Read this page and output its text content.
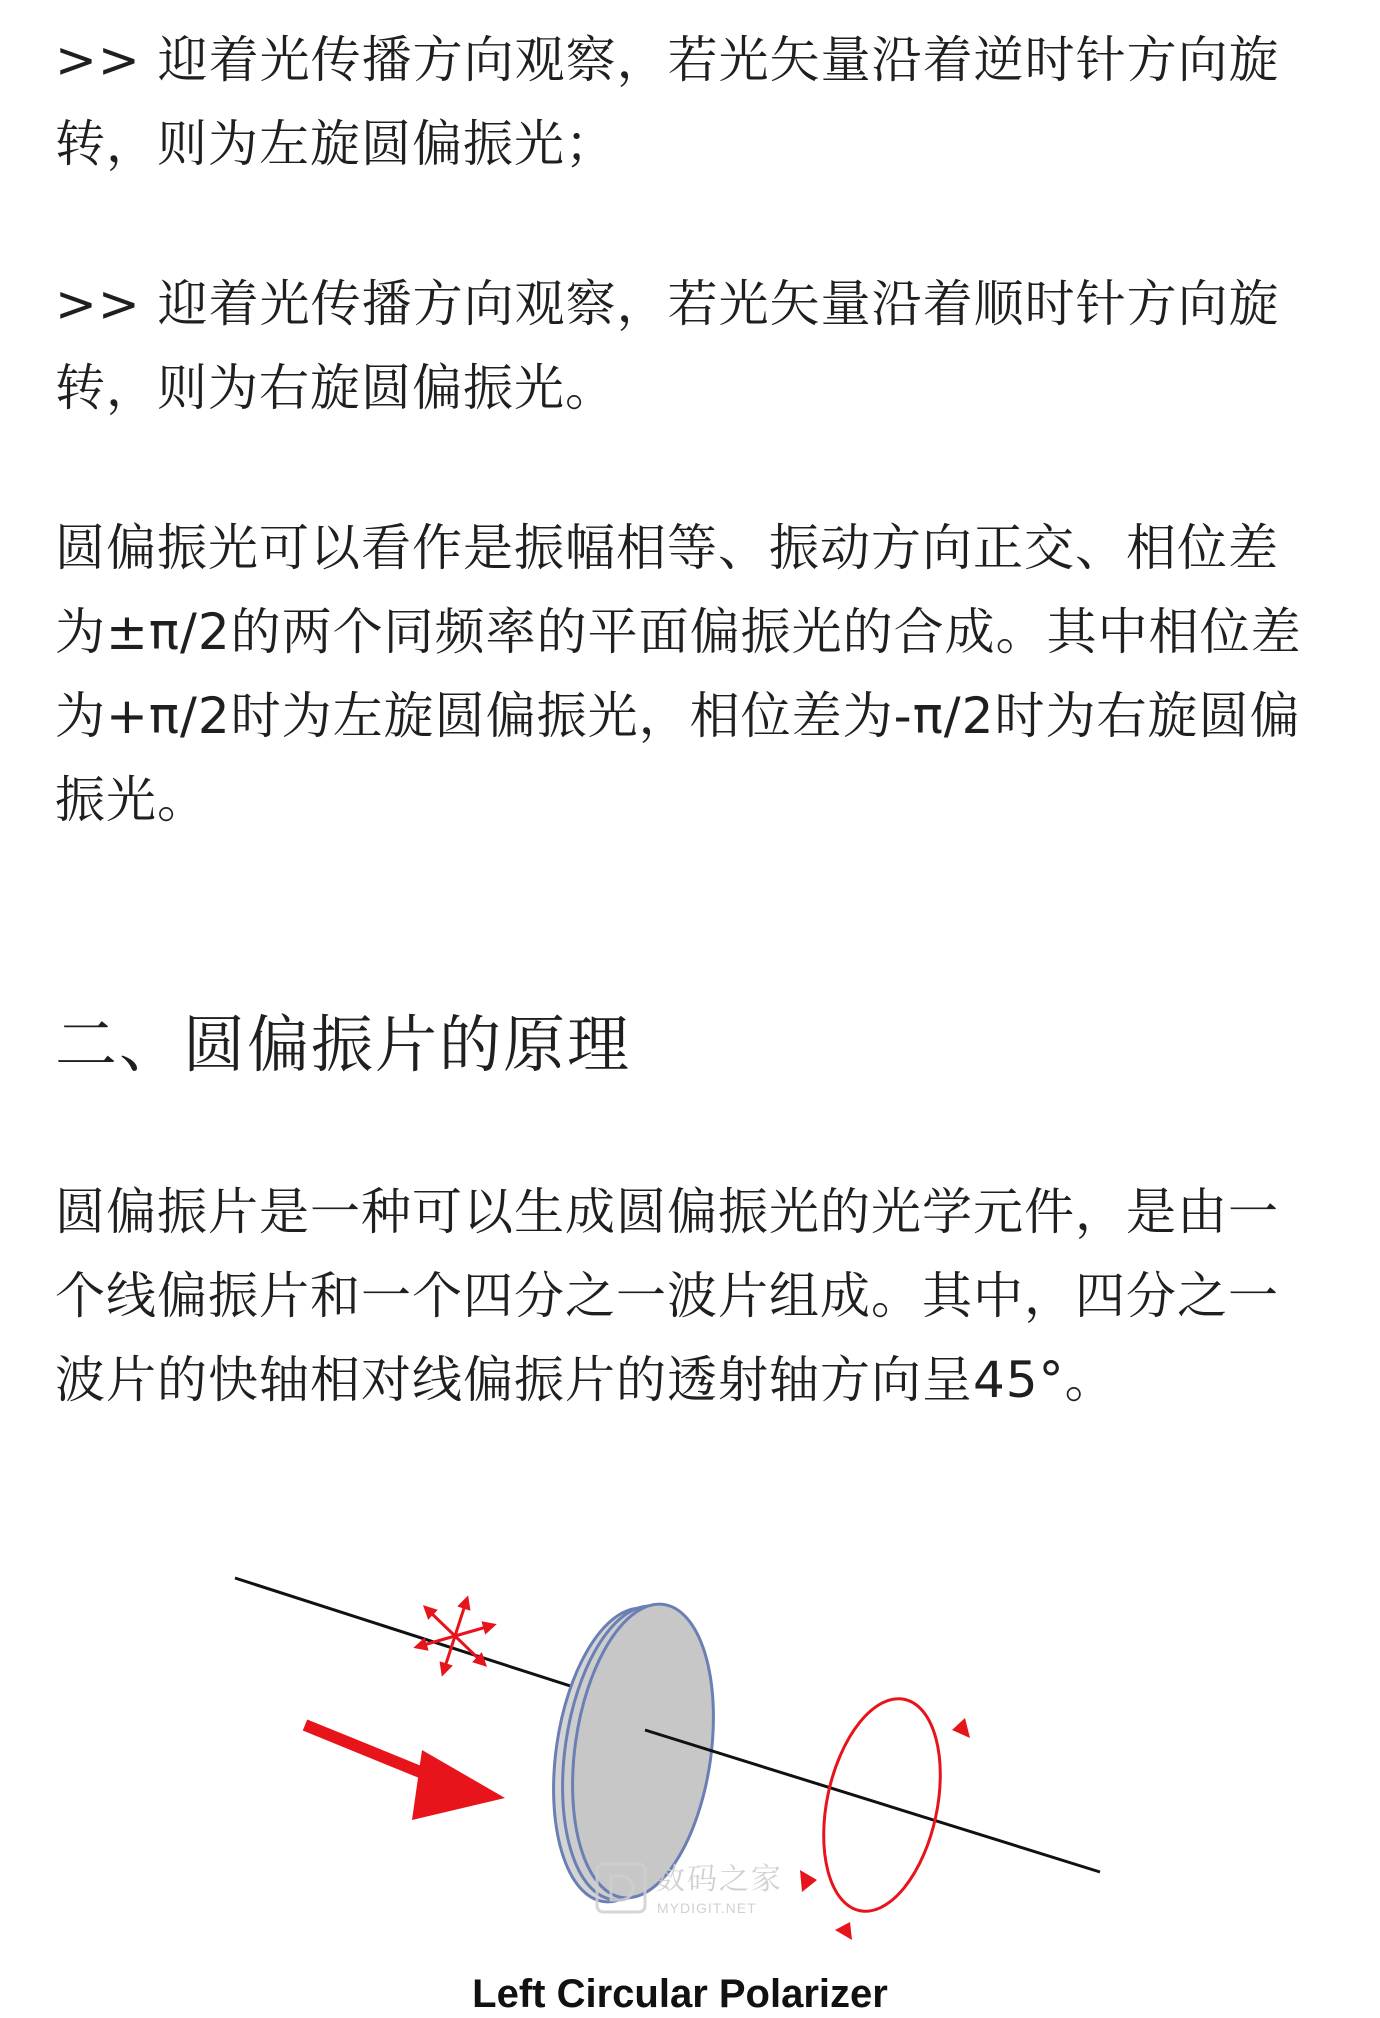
>> 迎着光传播方向观察，若光矢量沿着逆时针方向旋转，则为左旋圆偏振光；

>> 迎着光传播方向观察，若光矢量沿着顺时针方向旋转，则为右旋圆偏振光。

圆偏振光可以看作是振幅相等、振动方向正交、相位差为±π/2的两个同频率的平面偏振光的合成。其中相位差为+π/2时为左旋圆偏振光，相位差为-π/2时为右旋圆偏振光。

二、圆偏振片的原理

圆偏振片是一种可以生成圆偏振光的光学元件，是由一个线偏振片和一个四分之一波片组成。其中，四分之一波片的快轴相对线偏振片的透射轴方向呈45°。

数码之家
MYDIGIT.NET
Left Circular Polarizer
